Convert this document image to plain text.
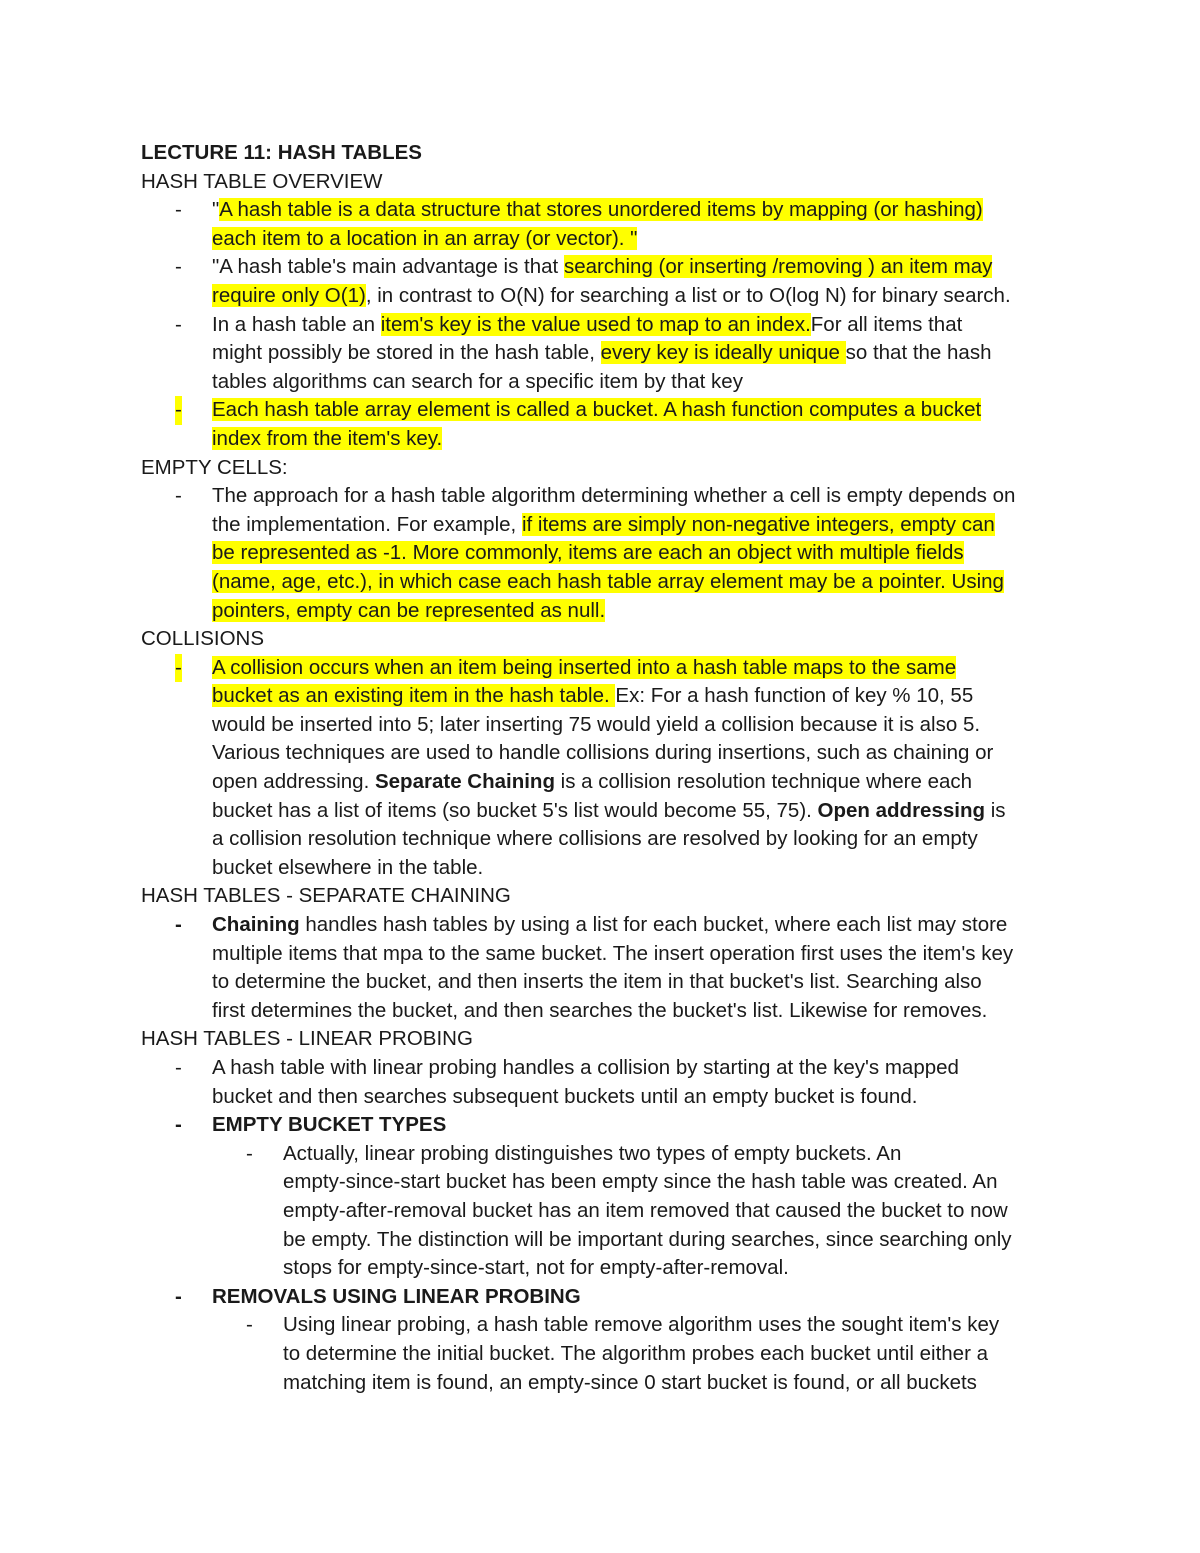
LECTURE 11: HASH TABLES
HASH TABLE OVERVIEW
- "A hash table is a data structure that stores unordered items by mapping (or hashing)
each item to a location in an array (or vector). "
- "A hash table's main advantage is that searching (or inserting /removing ) an item may
require only O(1), in contrast to O(N) for searching a list or to O(log N) for binary search.
- In a hash table an item's key is the value used to map to an index.For all items that
might possibly be stored in the hash table, every key is ideally unique so that the hash
tables algorithms can search for a specific item by that key
- Each hash table array element is called a bucket. A hash function computes a bucket
index from the item's key.
EMPTY CELLS:
- The approach for a hash table algorithm determining whether a cell is empty depends on
the implementation. For example, if items are simply non-negative integers, empty can
be represented as -1. More commonly, items are each an object with multiple fields
(name, age, etc.), in which case each hash table array element may be a pointer. Using
pointers, empty can be represented as null.
COLLISIONS
- A collision occurs when an item being inserted into a hash table maps to the same
bucket as an existing item in the hash table. Ex: For a hash function of key % 10, 55
would be inserted into 5; later inserting 75 would yield a collision because it is also 5.
Various techniques are used to handle collisions during insertions, such as chaining or
open addressing. Separate Chaining is a collision resolution technique where each
bucket has a list of items (so bucket 5's list would become 55, 75). Open addressing is
a collision resolution technique where collisions are resolved by looking for an empty
bucket elsewhere in the table.
HASH TABLES - SEPARATE CHAINING
- Chaining handles hash tables by using a list for each bucket, where each list may store
multiple items that mpa to the same bucket. The insert operation first uses the item's key
to determine the bucket, and then inserts the item in that bucket's list. Searching also
first determines the bucket, and then searches the bucket's list. Likewise for removes.
HASH TABLES - LINEAR PROBING
- A hash table with linear probing handles a collision by starting at the key's mapped
bucket and then searches subsequent buckets until an empty bucket is found.
- EMPTY BUCKET TYPES
- Actually, linear probing distinguishes two types of empty buckets. An
empty-since-start bucket has been empty since the hash table was created. An
empty-after-removal bucket has an item removed that caused the bucket to now
be empty. The distinction will be important during searches, since searching only
stops for empty-since-start, not for empty-after-removal.
- REMOVALS USING LINEAR PROBING
- Using linear probing, a hash table remove algorithm uses the sought item's key
to determine the initial bucket. The algorithm probes each bucket until either a
matching item is found, an empty-since 0 start bucket is found, or all buckets
